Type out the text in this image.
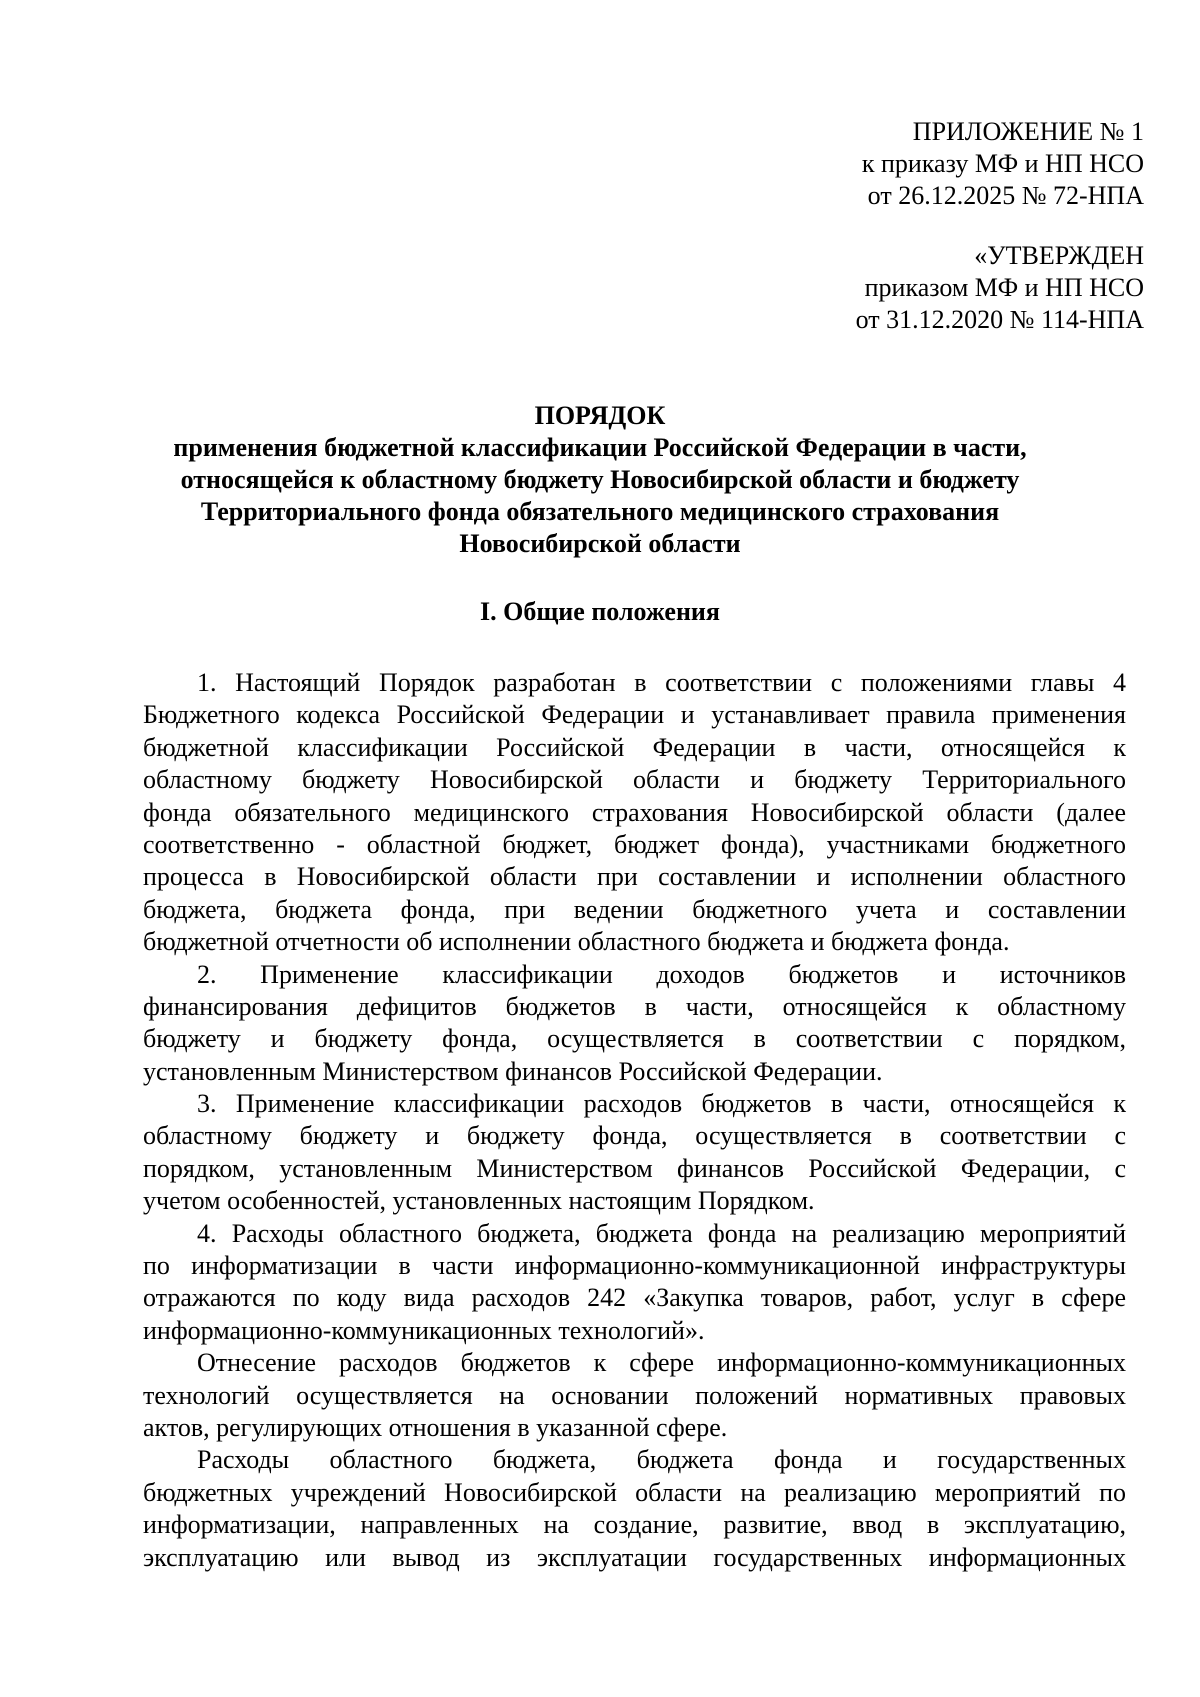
ПРИЛОЖЕНИЕ № 1
к приказу МФ и НП НСО
от 26.12.2025 № 72-НПА
«УТВЕРЖДЕН
приказом МФ и НП НСО
от 31.12.2020 № 114-НПА
ПОРЯДОК
применения бюджетной классификации Российской Федерации в части,
относящейся к областному бюджету Новосибирской области и бюджету
Территориального фонда обязательного медицинского страхования
Новосибирской области
I. Общие положения
1. Настоящий Порядок разработан в соответствии с положениями главы 4
Бюджетного кодекса Российской Федерации и устанавливает правила применения
бюджетной классификации Российской Федерации в части, относящейся к
областному бюджету Новосибирской области и бюджету Территориального
фонда обязательного медицинского страхования Новосибирской области (далее
соответственно - областной бюджет, бюджет фонда), участниками бюджетного
процесса в Новосибирской области при составлении и исполнении областного
бюджета, бюджета фонда, при ведении бюджетного учета и составлении
бюджетной отчетности об исполнении областного бюджета и бюджета фонда.
2. Применение классификации доходов бюджетов и источников
финансирования дефицитов бюджетов в части, относящейся к областному
бюджету и бюджету фонда, осуществляется в соответствии с порядком,
установленным Министерством финансов Российской Федерации.
3. Применение классификации расходов бюджетов в части, относящейся к
областному бюджету и бюджету фонда, осуществляется в соответствии с
порядком, установленным Министерством финансов Российской Федерации, с
учетом особенностей, установленных настоящим Порядком.
4. Расходы областного бюджета, бюджета фонда на реализацию мероприятий
по информатизации в части информационно-коммуникационной инфраструктуры
отражаются по коду вида расходов 242 «Закупка товаров, работ, услуг в сфере
информационно-коммуникационных технологий».
Отнесение расходов бюджетов к сфере информационно-коммуникационных
технологий осуществляется на основании положений нормативных правовых
актов, регулирующих отношения в указанной сфере.
Расходы областного бюджета, бюджета фонда и государственных
бюджетных учреждений Новосибирской области на реализацию мероприятий по
информатизации, направленных на создание, развитие, ввод в эксплуатацию,
эксплуатацию или вывод из эксплуатации государственных информационных
